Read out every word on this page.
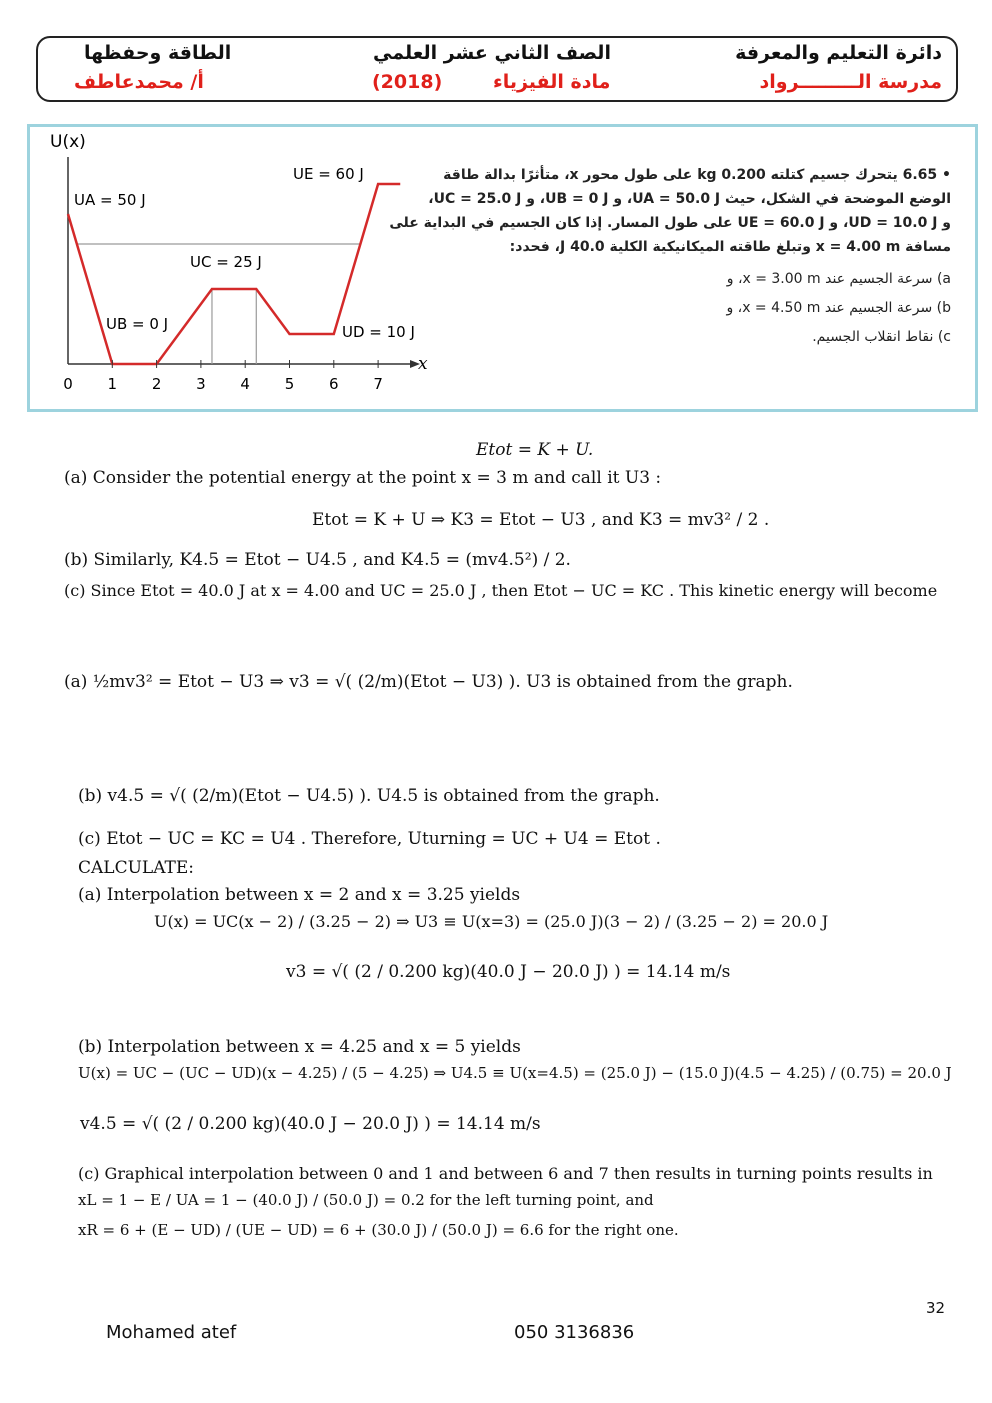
دائرة التعليم والمعرفة
مدرسة الـــــــــرواد
الصف الثاني عشر العلمي
مادة الفيزياء
(2018)
الطاقة وحفظها
أ/ محمدعاطف
U(x)
x
0 1 2 3 4 5 6 7
UA = 50 J
UB = 0 J
UC = 25 J
UD = 10 J
UE = 60 J	• 6.65 يتحرك جسيم كتلته 0.200 kg على طول محور x، متأثرًا بدالة طاقة
الوضع الموضحة في الشكل، حيث UA = 50.0 J، و UB = 0 J، و UC = 25.0 J،
و UD = 10.0 J، و UE = 60.0 J على طول المسار. إذا كان الجسيم في البداية على
مسافة x = 4.00 m وتبلغ طاقته الميكانيكية الكلية 40.0 J، فحدد:
a) سرعة الجسيم عند x = 3.00 m، و
b) سرعة الجسيم عند x = 4.50 m، و
c) نقاط انقلاب الجسيم.
Etot = K + U.
(a) Consider the potential energy at the point x = 3 m and call it U3 :
Etot = K + U ⇒ K3 = Etot − U3 , and K3 = mv3² / 2 .
(b) Similarly, K4.5 = Etot − U4.5 , and K4.5 = (mv4.5²) / 2.
(c) Since Etot = 40.0 J at x = 4.00 and UC = 25.0 J , then Etot − UC = KC . This kinetic energy will become
(a) ½mv3² = Etot − U3 ⇒ v3 = √( (2/m)(Etot − U3) ). U3 is obtained from the graph.
(b) v4.5 = √( (2/m)(Etot − U4.5) ). U4.5 is obtained from the graph.
(c) Etot − UC = KC = U4 . Therefore, Uturning = UC + U4 = Etot .
CALCULATE:
(a) Interpolation between x = 2 and x = 3.25 yields
U(x) = UC(x − 2) / (3.25 − 2) ⇒ U3 ≡ U(x=3) = (25.0 J)(3 − 2) / (3.25 − 2) = 20.0 J
v3 = √( (2 / 0.200 kg)(40.0 J − 20.0 J) ) = 14.14 m/s
(b) Interpolation between x = 4.25 and x = 5 yields
U(x) = UC − (UC − UD)(x − 4.25) / (5 − 4.25) ⇒ U4.5 ≡ U(x=4.5) = (25.0 J) − (15.0 J)(4.5 − 4.25) / (0.75) = 20.0 J
v4.5 = √( (2 / 0.200 kg)(40.0 J − 20.0 J) ) = 14.14 m/s
(c) Graphical interpolation between 0 and 1 and between 6 and 7 then results in turning points results in
xL = 1 − E / UA = 1 − (40.0 J) / (50.0 J) = 0.2 for the left turning point, and
xR = 6 + (E − UD) / (UE − UD) = 6 + (30.0 J) / (50.0 J) = 6.6 for the right one.
32
Mohamed atef	050 3136836
